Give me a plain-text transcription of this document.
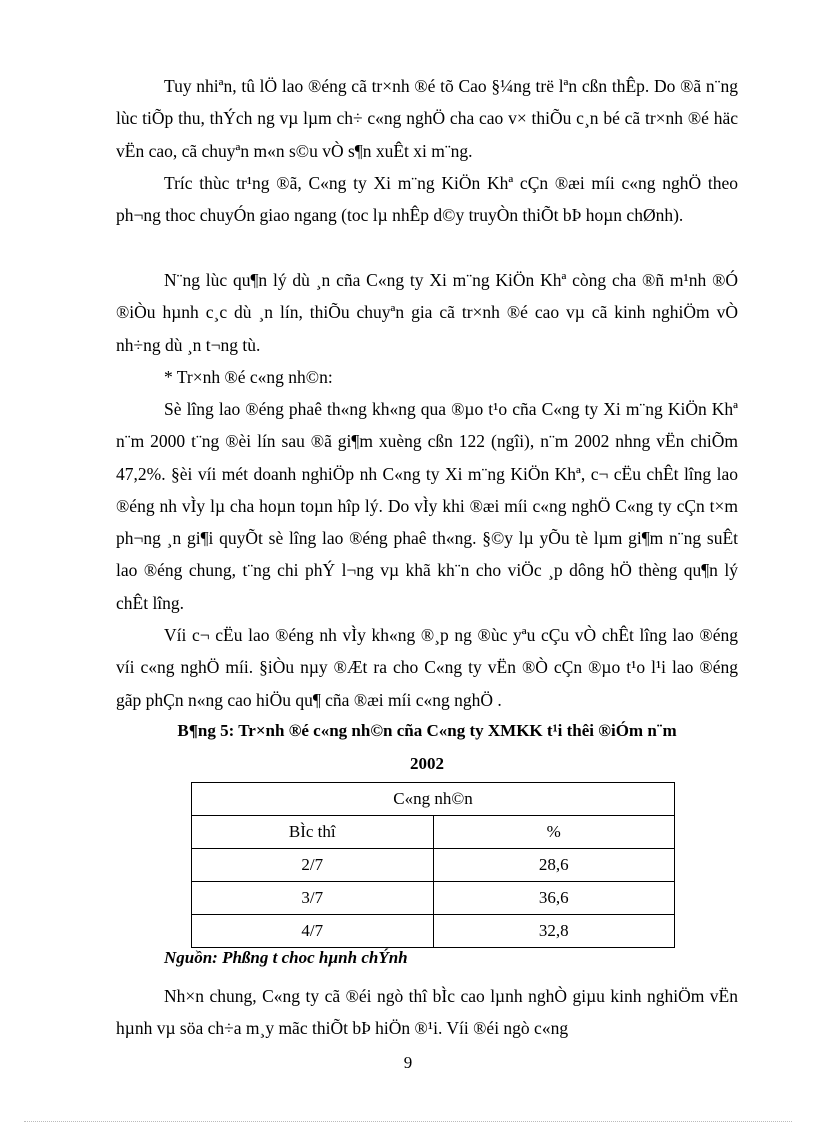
Tuy nhiªn, tû lÖ lao ®éng cã tr×nh ®é tõ Cao §¼ng trë lªn cßn thÊp. Do ®ã n¨ng lùc tiÕp thu, thÝch ng vµ lµm ch÷ c«ng nghÖ cha cao v× thiÕu c¸n bé cã tr×nh ®é häc vËn cao, cã chuyªn m«n s©u vÒ s¶n xuÊt xi m¨ng.

Tríc thùc tr¹ng ®ã, C«ng ty Xi m¨ng KiÖn Khª cÇn ®æi míi c«ng nghÖ theo ph¬ng thoc chuyÓn giao ngang (toc lµ nhÊp d©y truyÒn thiÕt bÞ hoµn chØnh).

N¨ng lùc qu¶n lý dù ¸n cña C«ng ty Xi m¨ng KiÖn Khª còng cha ®ñ m¹nh ®Ó ®iÒu hµnh c¸c dù ¸n lín, thiÕu chuyªn gia cã tr×nh ®é cao vµ cã kinh nghiÖm vÒ nh÷ng dù ¸n t¬ng tù.

* Tr×nh ®é c«ng nh©n:

Sè lîng lao ®éng phaê th«ng kh«ng qua ®µo t¹o cña C«ng ty Xi m¨ng KiÖn Khª n¨m 2000 t¨ng ®èi lín sau ®ã gi¶m xuèng cßn 122 (ngîi), n¨m 2002 nhng vËn chiÕm 47,2%. §èi víi mét doanh nghiÖp nh C«ng ty Xi m¨ng KiÖn Khª, c¬ cËu chÊt lîng lao ®éng nh vÌy lµ cha hoµn toµn hîp lý. Do vÌy khi ®æi míi c«ng nghÖ C«ng ty cÇn t×m ph¬ng ¸n gi¶i quyÕt sè lîng lao ®éng phaê th«ng. §©y lµ yÕu tè lµm gi¶m n¨ng suÊt lao ®éng chung, t¨ng chi phÝ l¬ng vµ khã kh¨n cho viÖc ¸p dông hÖ thèng qu¶n lý chÊt lîng.

Víi c¬ cËu lao ®éng nh vÌy kh«ng ®¸p ng ®ùc yªu cÇu vÒ chÊt lîng lao ®éng víi c«ng nghÖ míi. §iÒu nµy ®Æt ra cho C«ng ty vËn ®Ò cÇn ®µo t¹o l¹i lao ®éng gãp phÇn n«ng cao hiÖu qu¶ cña ®æi míi c«ng nghÖ .

B¶ng 5: Tr×nh ®é c«ng nh©n cña C«ng ty XMKK t¹i thêi ®iÓm n¨m

2002

C«ng nh©n	
BÌc thî	%
2/7	28,6
3/7	36,6
4/7	32,8

Nguồn: Phßng t choc hµnh chÝnh

Nh×n chung, C«ng ty cã ®éi ngò thî bÌc cao lµnh nghÒ giµu kinh nghiÖm vËn hµnh vµ söa ch÷a m¸y mãc thiÕt bÞ hiÖn ®¹i. Víi ®éi ngò c«ng

9
